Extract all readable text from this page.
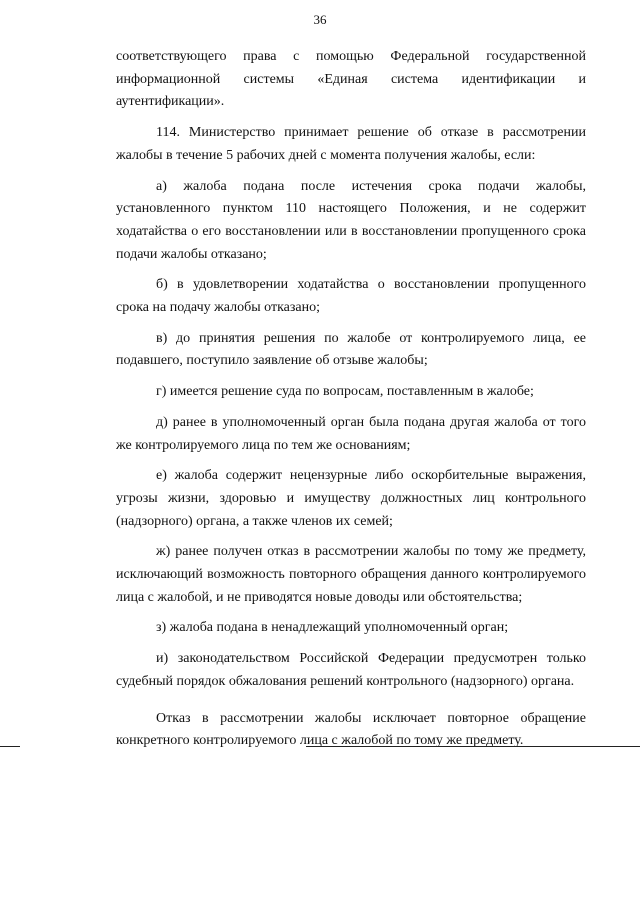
36

соответствующего права с помощью Федеральной государственной информационной системы «Единая система идентификации и аутентификации».

114. Министерство принимает решение об отказе в рассмотрении жалобы в течение 5 рабочих дней с момента получения жалобы, если:

а) жалоба подана после истечения срока подачи жалобы, установленного пунктом 110 настоящего Положения, и не содержит ходатайства о его восстановлении или в восстановлении пропущенного срока подачи жалобы отказано;

б) в удовлетворении ходатайства о восстановлении пропущенного срока на подачу жалобы отказано;

в) до принятия решения по жалобе от контролируемого лица, ее подавшего, поступило заявление об отзыве жалобы;

г) имеется решение суда по вопросам, поставленным в жалобе;

д) ранее в уполномоченный орган была подана другая жалоба от того же контролируемого лица по тем же основаниям;

е) жалоба содержит нецензурные либо оскорбительные выражения, угрозы жизни, здоровью и имуществу должностных лиц контрольного (надзорного) органа, а также членов их семей;

ж) ранее получен отказ в рассмотрении жалобы по тому же предмету, исключающий возможность повторного обращения данного контролируемого лица с жалобой, и не приводятся новые доводы или обстоятельства;

з) жалоба подана в ненадлежащий уполномоченный орган;

и) законодательством Российской Федерации предусмотрен только судебный порядок обжалования решений контрольного (надзорного) органа.

Отказ в рассмотрении жалобы исключает повторное обращение конкретного контролируемого лица с жалобой по тому же предмету.
